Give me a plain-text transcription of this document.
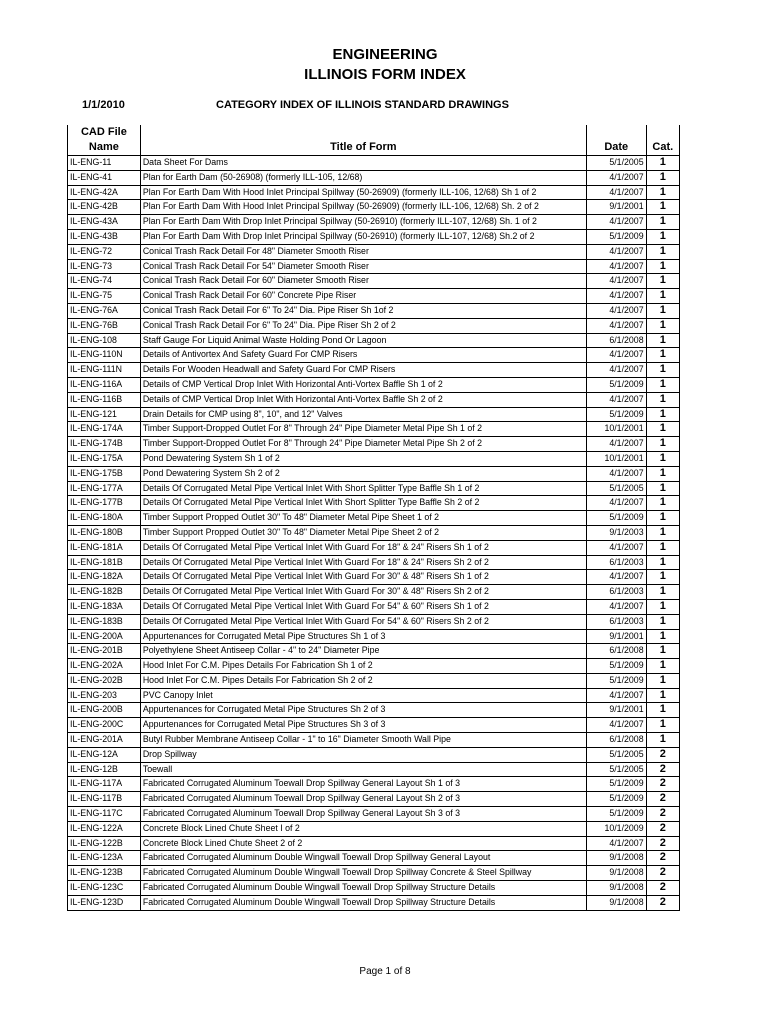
ENGINEERING
ILLINOIS FORM INDEX
1/1/2010	CATEGORY INDEX OF ILLINOIS STANDARD DRAWINGS
CAD File			
Name	Title of Form	Date	Cat.
IL-ENG-11	Data Sheet For Dams	5/1/2005	1
IL-ENG-41	Plan for Earth Dam (50-26908) (formerly ILL-105, 12/68)	4/1/2007	1
IL-ENG-42A	Plan For Earth Dam With Hood Inlet Principal Spillway (50-26909) (formerly ILL-106, 12/68) Sh 1 of 2	4/1/2007	1
IL-ENG-42B	Plan For Earth Dam With Hood Inlet Principal Spillway (50-26909) (formerly ILL-106, 12/68) Sh. 2 of 2	9/1/2001	1
IL-ENG-43A	Plan For Earth Dam With Drop Inlet Principal Spillway (50-26910) (formerly ILL-107, 12/68) Sh. 1 of 2	4/1/2007	1
IL-ENG-43B	Plan For Earth Dam With Drop Inlet Principal Spillway (50-26910) (formerly ILL-107, 12/68) Sh.2 of 2	5/1/2009	1
IL-ENG-72	Conical Trash Rack Detail For 48" Diameter Smooth Riser	4/1/2007	1
IL-ENG-73	Conical Trash Rack Detail For 54" Diameter Smooth Riser	4/1/2007	1
IL-ENG-74	Conical Trash Rack Detail For 60" Diameter Smooth Riser	4/1/2007	1
IL-ENG-75	Conical Trash Rack Detail For 60" Concrete Pipe Riser	4/1/2007	1
IL-ENG-76A	Conical Trash Rack Detail For 6" To 24" Dia. Pipe Riser Sh 1of 2	4/1/2007	1
IL-ENG-76B	Conical Trash Rack Detail For 6" To 24" Dia. Pipe Riser Sh 2 of 2	4/1/2007	1
IL-ENG-108	Staff Gauge For Liquid Animal Waste Holding Pond Or Lagoon	6/1/2008	1
IL-ENG-110N	Details of Antivortex And Safety Guard For CMP Risers	4/1/2007	1
IL-ENG-111N	Details For Wooden Headwall and Safety Guard For CMP Risers	4/1/2007	1
IL-ENG-116A	Details of CMP Vertical Drop Inlet With Horizontal Anti-Vortex Baffle Sh 1 of 2	5/1/2009	1
IL-ENG-116B	Details of CMP Vertical Drop Inlet With Horizontal Anti-Vortex Baffle Sh 2 of 2	4/1/2007	1
IL-ENG-121	Drain Details for CMP using 8", 10", and 12" Valves	5/1/2009	1
IL-ENG-174A	Timber Support-Dropped Outlet For 8" Through 24" Pipe Diameter Metal Pipe Sh 1 of 2	10/1/2001	1
IL-ENG-174B	Timber Support-Dropped Outlet For 8" Through 24" Pipe Diameter Metal Pipe Sh 2 of 2	4/1/2007	1
IL-ENG-175A	Pond Dewatering System Sh 1 of 2	10/1/2001	1
IL-ENG-175B	Pond Dewatering System Sh 2 of 2	4/1/2007	1
IL-ENG-177A	Details Of Corrugated Metal Pipe Vertical Inlet With Short Splitter Type Baffle Sh 1 of 2	5/1/2005	1
IL-ENG-177B	Details Of Corrugated Metal Pipe Vertical Inlet With Short Splitter Type Baffle Sh 2 of 2	4/1/2007	1
IL-ENG-180A	Timber Support Propped Outlet 30" To 48" Diameter Metal Pipe Sheet 1 of 2	5/1/2009	1
IL-ENG-180B	Timber Support Propped Outlet 30" To 48" Diameter Metal Pipe Sheet 2 of 2	9/1/2003	1
IL-ENG-181A	Details Of Corrugated Metal Pipe Vertical Inlet With Guard For 18" & 24" Risers Sh 1 of 2	4/1/2007	1
IL-ENG-181B	Details Of Corrugated Metal Pipe Vertical Inlet With Guard For 18" & 24" Risers Sh 2 of 2	6/1/2003	1
IL-ENG-182A	Details Of Corrugated Metal Pipe Vertical Inlet With Guard For 30" & 48" Risers Sh 1 of 2	4/1/2007	1
IL-ENG-182B	Details Of Corrugated Metal Pipe Vertical Inlet With Guard For 30" & 48" Risers Sh 2 of 2	6/1/2003	1
IL-ENG-183A	Details Of Corrugated Metal Pipe Vertical Inlet With Guard For 54" & 60" Risers Sh 1 of 2	4/1/2007	1
IL-ENG-183B	Details Of Corrugated Metal Pipe Vertical Inlet With Guard For 54" & 60" Risers Sh 2 of 2	6/1/2003	1
IL-ENG-200A	Appurtenances for Corrugated Metal Pipe Structures Sh 1 of 3	9/1/2001	1
IL-ENG-201B	Polyethylene Sheet Antiseep Collar - 4" to 24" Diameter Pipe	6/1/2008	1
IL-ENG-202A	Hood Inlet For C.M. Pipes Details For Fabrication Sh 1 of 2	5/1/2009	1
IL-ENG-202B	Hood Inlet For C.M. Pipes Details For Fabrication Sh 2 of 2	5/1/2009	1
IL-ENG-203	PVC Canopy Inlet	4/1/2007	1
IL-ENG-200B	Appurtenances for Corrugated Metal Pipe Structures Sh 2 of 3	9/1/2001	1
IL-ENG-200C	Appurtenances for Corrugated Metal Pipe Structures Sh 3 of 3	4/1/2007	1
IL-ENG-201A	Butyl Rubber Membrane Antiseep Collar - 1" to 16" Diameter Smooth Wall Pipe	6/1/2008	1
IL-ENG-12A	Drop Spillway	5/1/2005	2
IL-ENG-12B	Toewall	5/1/2005	2
IL-ENG-117A	Fabricated Corrugated Aluminum Toewall Drop Spillway General Layout Sh 1 of 3	5/1/2009	2
IL-ENG-117B	Fabricated Corrugated Aluminum Toewall Drop Spillway General Layout Sh 2 of 3	5/1/2009	2
IL-ENG-117C	Fabricated Corrugated Aluminum Toewall Drop Spillway General Layout Sh 3 of 3	5/1/2009	2
IL-ENG-122A	Concrete Block Lined Chute Sheet I of 2	10/1/2009	2
IL-ENG-122B	Concrete Block Lined Chute Sheet 2 of 2	4/1/2007	2
IL-ENG-123A	Fabricated Corrugated Aluminum Double Wingwall Toewall Drop Spillway General Layout	9/1/2008	2
IL-ENG-123B	Fabricated Corrugated Aluminum Double Wingwall Toewall Drop Spillway Concrete & Steel Spillway	9/1/2008	2
IL-ENG-123C	Fabricated Corrugated Aluminum Double Wingwall Toewall Drop Spillway Structure Details	9/1/2008	2
IL-ENG-123D	Fabricated Corrugated Aluminum Double Wingwall Toewall Drop Spillway Structure Details	9/1/2008	2
Page 1 of 8
